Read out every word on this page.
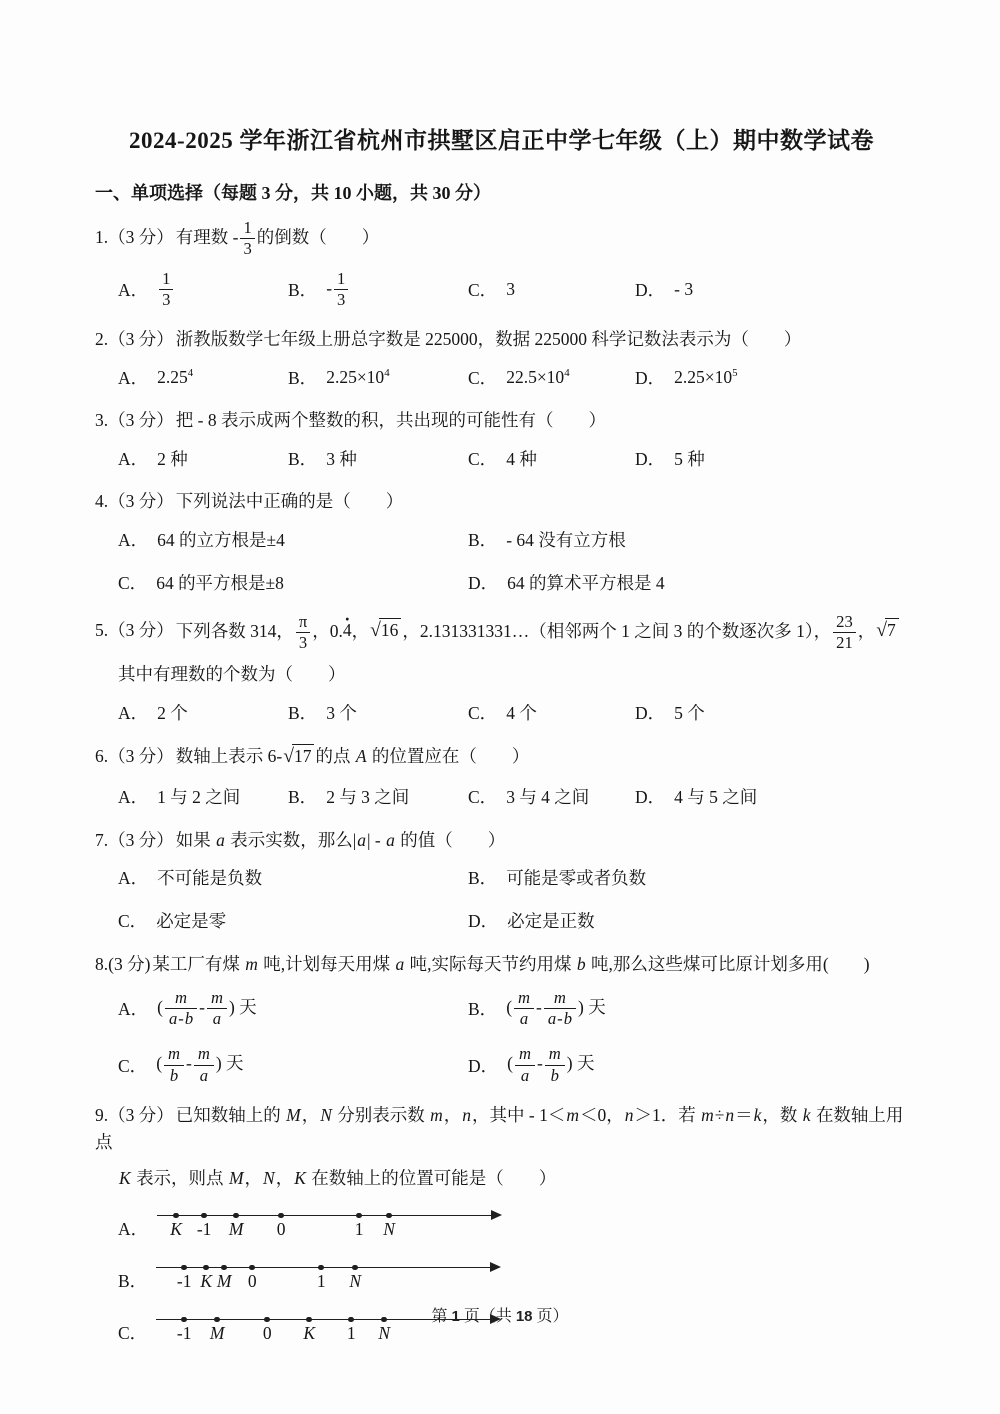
2024-2025 学年浙江省杭州市拱墅区启正中学七年级（上）期中数学试卷
一、单项选择（每题 3 分，共 10 小题，共 30 分）
1.（3 分） 有理数 - $\frac{1}{3}$ 的倒数（　　）
A． $\frac{1}{3}$	B． - $\frac{1}{3}$	C． 3	D． - 3
2.（3 分） 浙教版数学七年级上册总字数是 225000，数据 225000 科学记数法表示为（　　）
A． 2.25$^4$	B． $2.25\times 10^4$	C． $22.5\times 10^4$	D． $2.25\times 10^5$
3.（3 分） 把 - 8 表示成两个整数的积，共出现的可能性有（　　）
A． 2 种	B． 3 种	C． 4 种	D． 5 种
4.（3 分） 下列说法中正确的是（　　）
A． 64 的立方根是±4	B． - 64 没有立方根
C． 64 的平方根是±8	D． 64 的算术平方根是 4
5.（3 分） 下列各数 314， $\frac{\pi}{3}$ ，0.· 4，√16 ，2.131331331…（相邻两个 1 之间 3 的个数逐次多 1）， $\frac{23}{21}$ ，√7
其中有理数的个数为（　　）
A． 2 个	B． 3 个	C． 4 个	D． 5 个
6.（3 分） 数轴上表示 6-√17 的点 A 的位置应在（　　）
A． 1 与 2 之间	B． 2 与 3 之间	C． 3 与 4 之间	D． 4 与 5 之间
7.（3 分） 如果 a 表示实数，那么|a| - a 的值（　　）
A． 不可能是负数	B． 可能是零或者负数
C． 必定是零	D． 必定是正数
8.(3 分) 某工厂有煤 m 吨,计划每天用煤 a 吨,实际每天节约用煤 b 吨,那么这些煤可比原计划多用(　　)
A． ( $\frac{m}{a-b} - \frac{m}{a}$ ) 天	B． ( $\frac{m}{a} - \frac{m}{a-b}$ ) 天
C． ( $\frac{m}{b} - \frac{m}{a}$ ) 天	D． ( $\frac{m}{a} - \frac{m}{b}$ ) 天
9.（3 分） 已知数轴上的 M，N 分别表示数 m，n，其中 - 1＜m＜0，n＞1．若 m÷n＝k，数 k 在数轴上用点
K 表示，则点 M，N，K 在数轴上的位置可能是（　　）
A． K -1 M 0	1 N
B． -1 K M 0	1 N
C． -1 M 0 K 1 N
第 1 页（共 18 页）
